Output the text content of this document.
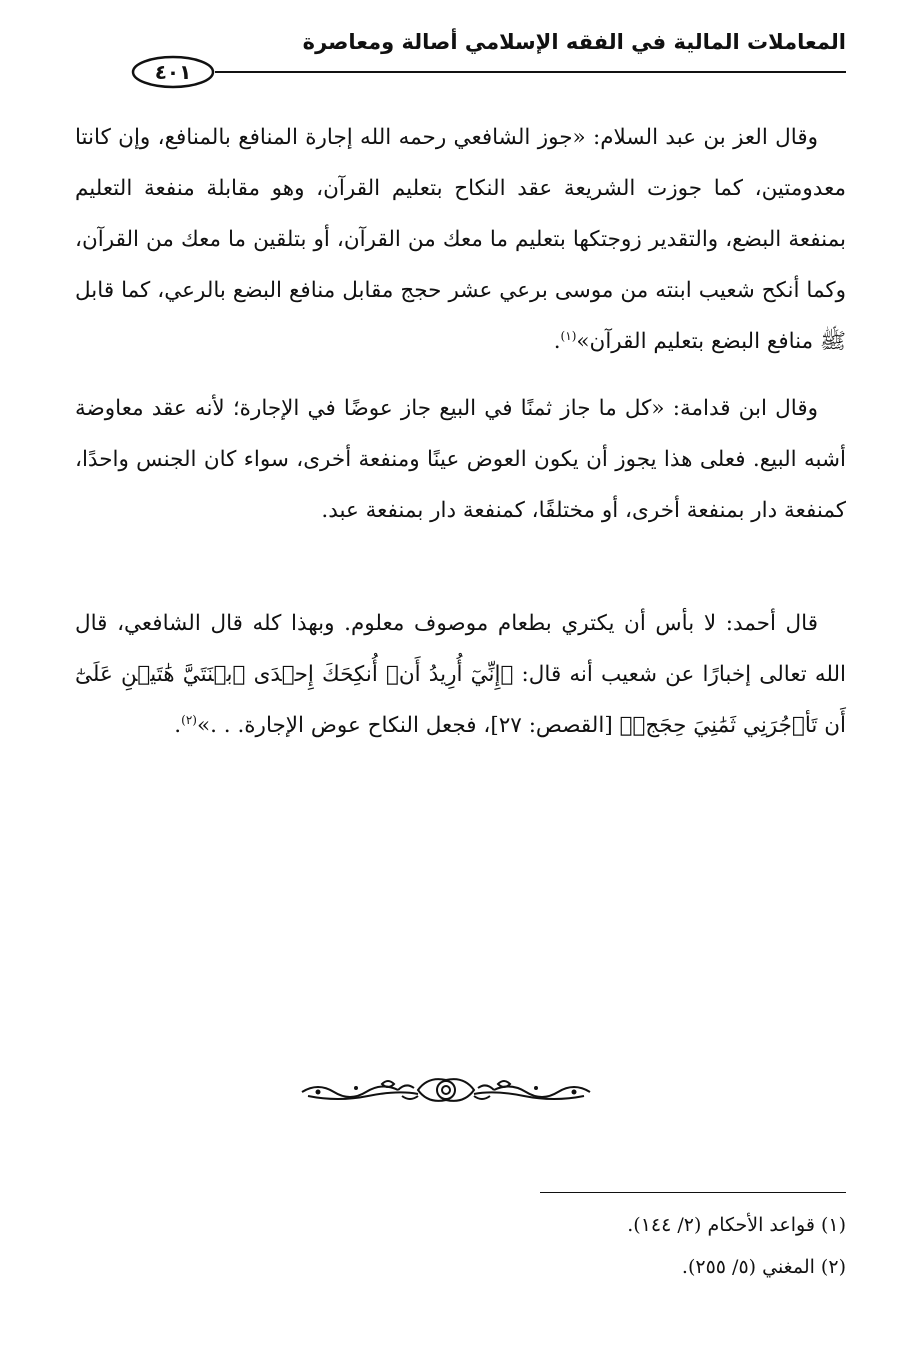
المعاملات المالية في الفقه الإسلامي أصالة ومعاصرة
٤٠١

وقال العز بن عبد السلام: «جوز الشافعي رحمه الله إجارة المنافع بالمنافع، وإن كانتا معدومتين، كما جوزت الشريعة عقد النكاح بتعليم القرآن، وهو مقابلة منفعة التعليم بمنفعة البضع، والتقدير زوجتكها بتعليم ما معك من القرآن، أو بتلقين ما معك من القرآن، وكما أنكح شعيب ابنته من موسى برعي عشر حجج مقابل منافع البضع بالرعي، كما قابل ﷺ منافع البضع بتعليم القرآن»$^{(١)}$.

وقال ابن قدامة: «كل ما جاز ثمنًا في البيع جاز عوضًا في الإجارة؛ لأنه عقد معاوضة أشبه البيع. فعلى هذا يجوز أن يكون العوض عينًا ومنفعة أخرى، سواء كان الجنس واحدًا، كمنفعة دار بمنفعة أخرى، أو مختلفًا، كمنفعة دار بمنفعة عبد.

قال أحمد: لا بأس أن يكتري بطعام موصوف معلوم. وبهذا كله قال الشافعي، قال الله تعالى إخبارًا عن شعيب أنه قال: ﴿إِنِّيٓ أُرِيدُ أَنۡ أُنكِحَكَ إِحۡدَى ٱبۡنَتَيَّ هَٰتَيۡنِ عَلَىٰٓ أَن تَأۡجُرَنِي ثَمَٰنِيَ حِجَجٖ﴾ [القصص: ٢٧]، فجعل النكاح عوض الإجارة. . .»$^{(٢)}$.

(١) قواعد الأحكام (٢/ ١٤٤).
(٢) المغني (٥/ ٢٥٥).
